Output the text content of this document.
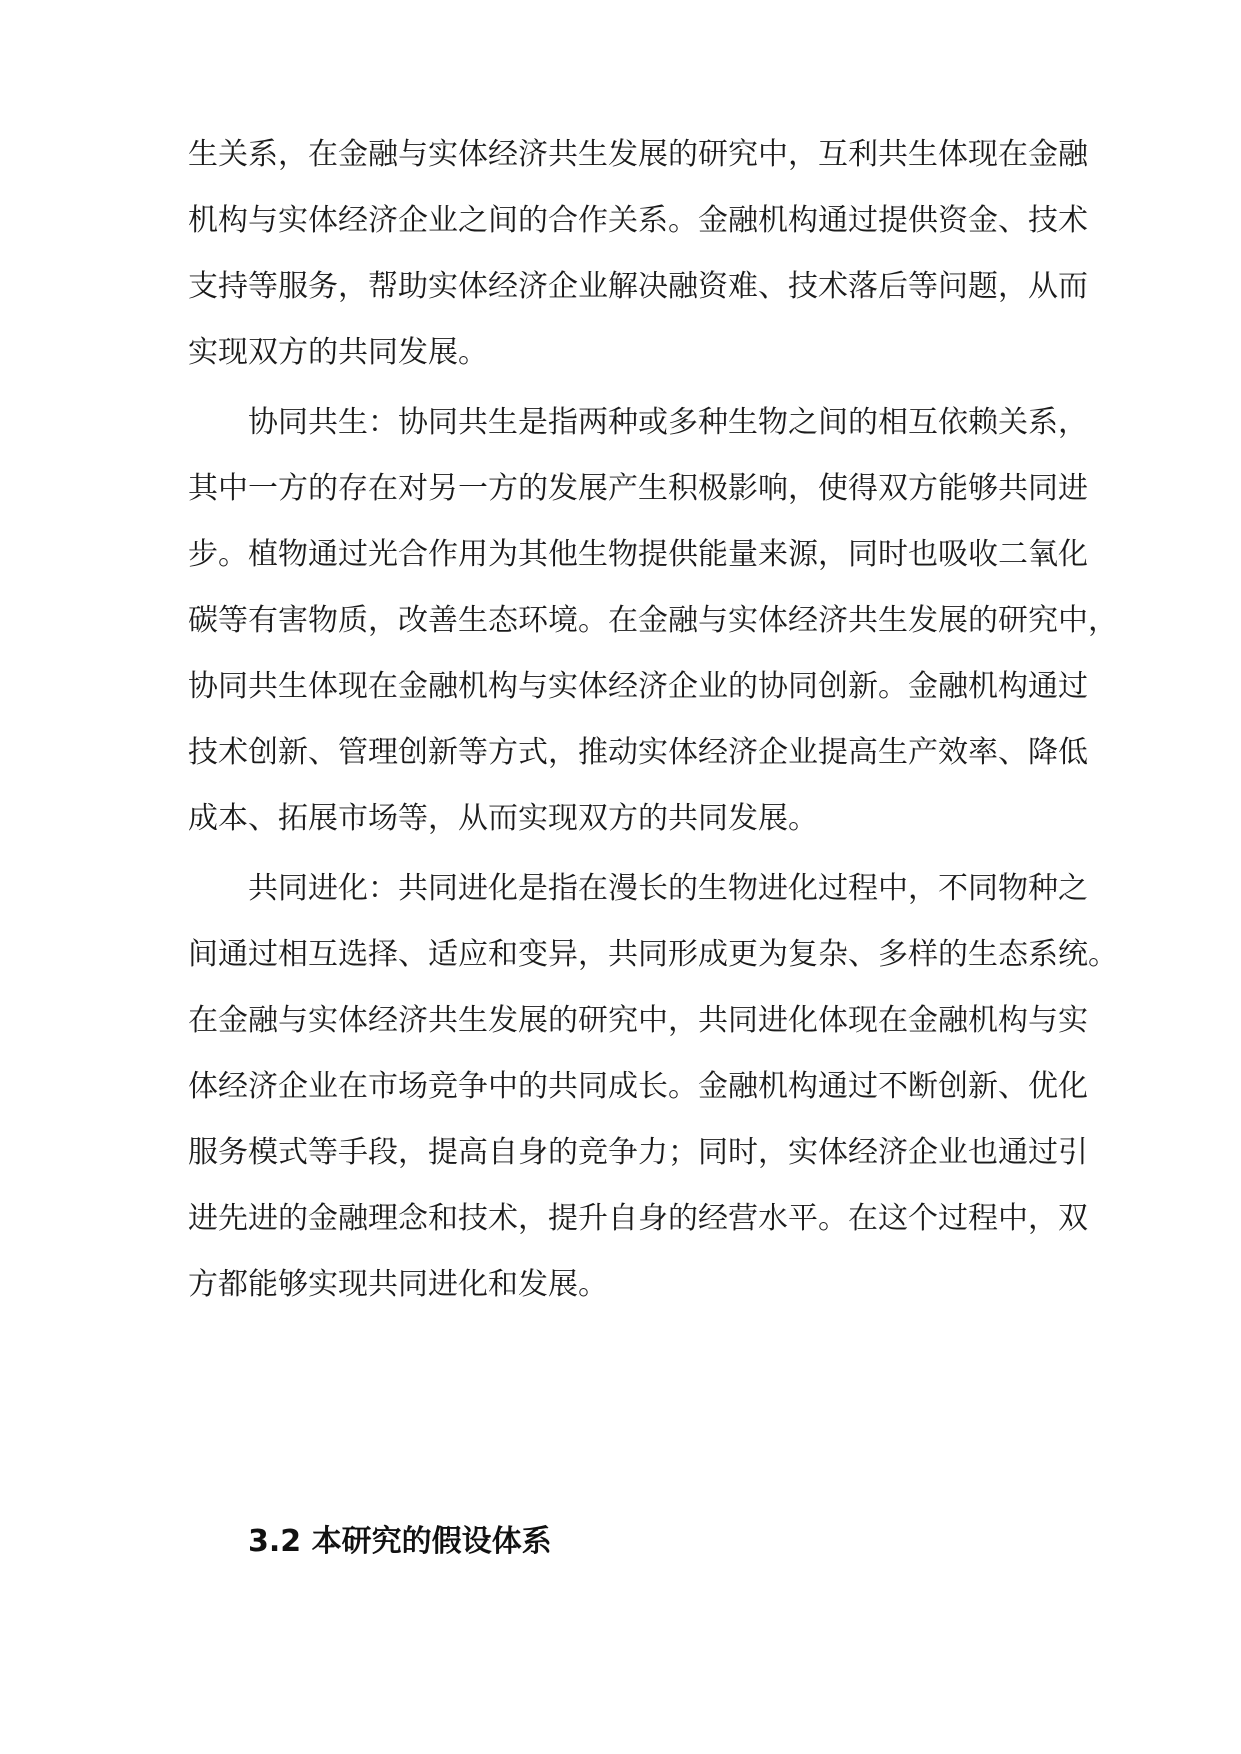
生关系，在金融与实体经济共生发展的研究中，互利共生体现在金融
机构与实体经济企业之间的合作关系。金融机构通过提供资金、技术
支持等服务，帮助实体经济企业解决融资难、技术落后等问题，从而
实现双方的共同发展。
协同共生：协同共生是指两种或多种生物之间的相互依赖关系，
其中一方的存在对另一方的发展产生积极影响，使得双方能够共同进
步。植物通过光合作用为其他生物提供能量来源，同时也吸收二氧化
碳等有害物质，改善生态环境。在金融与实体经济共生发展的研究中，
协同共生体现在金融机构与实体经济企业的协同创新。金融机构通过
技术创新、管理创新等方式，推动实体经济企业提高生产效率、降低
成本、拓展市场等，从而实现双方的共同发展。
共同进化：共同进化是指在漫长的生物进化过程中，不同物种之
间通过相互选择、适应和变异，共同形成更为复杂、多样的生态系统。
在金融与实体经济共生发展的研究中，共同进化体现在金融机构与实
体经济企业在市场竞争中的共同成长。金融机构通过不断创新、优化
服务模式等手段，提高自身的竞争力；同时，实体经济企业也通过引
进先进的金融理念和技术，提升自身的经营水平。在这个过程中，双
方都能够实现共同进化和发展。
3.2 本研究的假设体系
